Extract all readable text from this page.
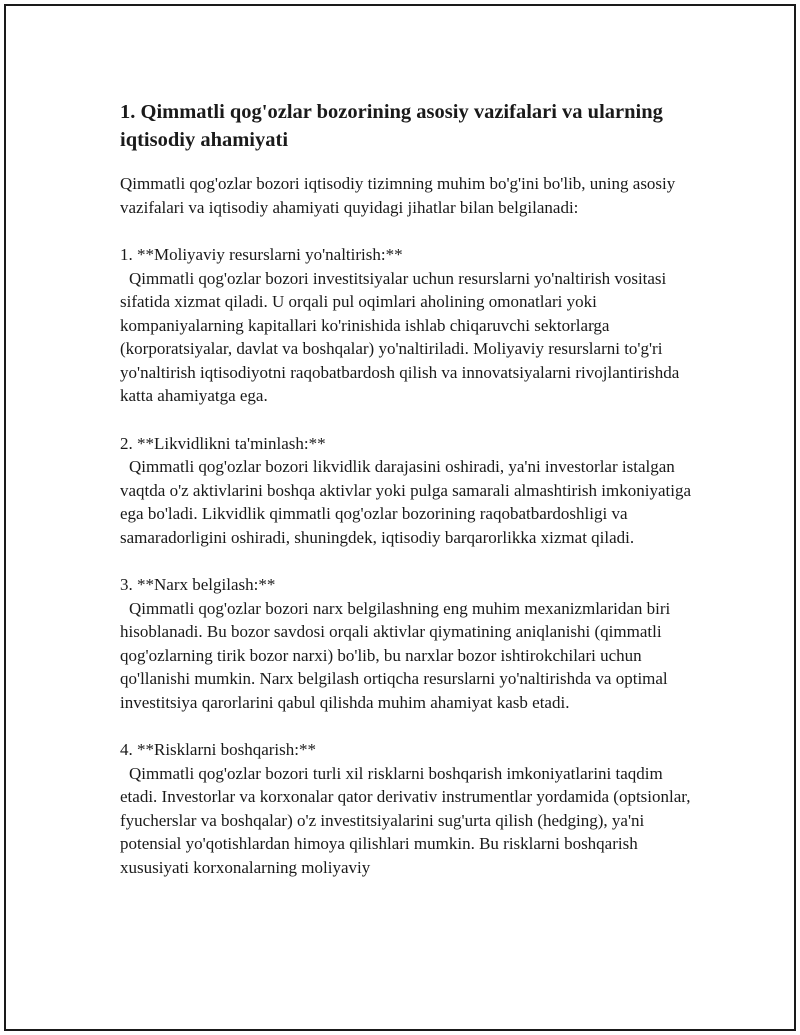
1. Qimmatli qog'ozlar bozorining asosiy vazifalari va ularning iqtisodiy ahamiyati

Qimmatli qog'ozlar bozori iqtisodiy tizimning muhim bo'g'ini bo'lib, uning asosiy vazifalari va iqtisodiy ahamiyati quyidagi jihatlar bilan belgilanadi:

1. **Moliyaviy resurslarni yo'naltirish:**
Qimmatli qog'ozlar bozori investitsiyalar uchun resurslarni yo'naltirish vositasi sifatida xizmat qiladi. U orqali pul oqimlari aholining omonatlari yoki kompaniyalarning kapitallari ko'rinishida ishlab chiqaruvchi sektorlarga (korporatsiyalar, davlat va boshqalar) yo'naltiriladi. Moliyaviy resurslarni to'g'ri yo'naltirish iqtisodiyotni raqobatbardosh qilish va innovatsiyalarni rivojlantirishda katta ahamiyatga ega.
2. **Likvidlikni ta'minlash:**
Qimmatli qog'ozlar bozori likvidlik darajasini oshiradi, ya'ni investorlar istalgan vaqtda o'z aktivlarini boshqa aktivlar yoki pulga samarali almashtirish imkoniyatiga ega bo'ladi. Likvidlik qimmatli qog'ozlar bozorining raqobatbardoshligi va samaradorligini oshiradi, shuningdek, iqtisodiy barqarorlikka xizmat qiladi.
3. **Narx belgilash:**
Qimmatli qog'ozlar bozori narx belgilashning eng muhim mexanizmlaridan biri hisoblanadi. Bu bozor savdosi orqali aktivlar qiymatining aniqlanishi (qimmatli qog'ozlarning tirik bozor narxi) bo'lib, bu narxlar bozor ishtirokchilari uchun qo'llanishi mumkin. Narx belgilash ortiqcha resurslarni yo'naltirishda va optimal investitsiya qarorlarini qabul qilishda muhim ahamiyat kasb etadi.
4. **Risklarni boshqarish:**
Qimmatli qog'ozlar bozori turli xil risklarni boshqarish imkoniyatlarini taqdim etadi. Investorlar va korxonalar qator derivativ instrumentlar yordamida (optsionlar, fyucherslar va boshqalar) o'z investitsiyalarini sug'urta qilish (hedging), ya'ni potensial yo'qotishlardan himoya qilishlari mumkin. Bu risklarni boshqarish xususiyati korxonalarning moliyaviy
